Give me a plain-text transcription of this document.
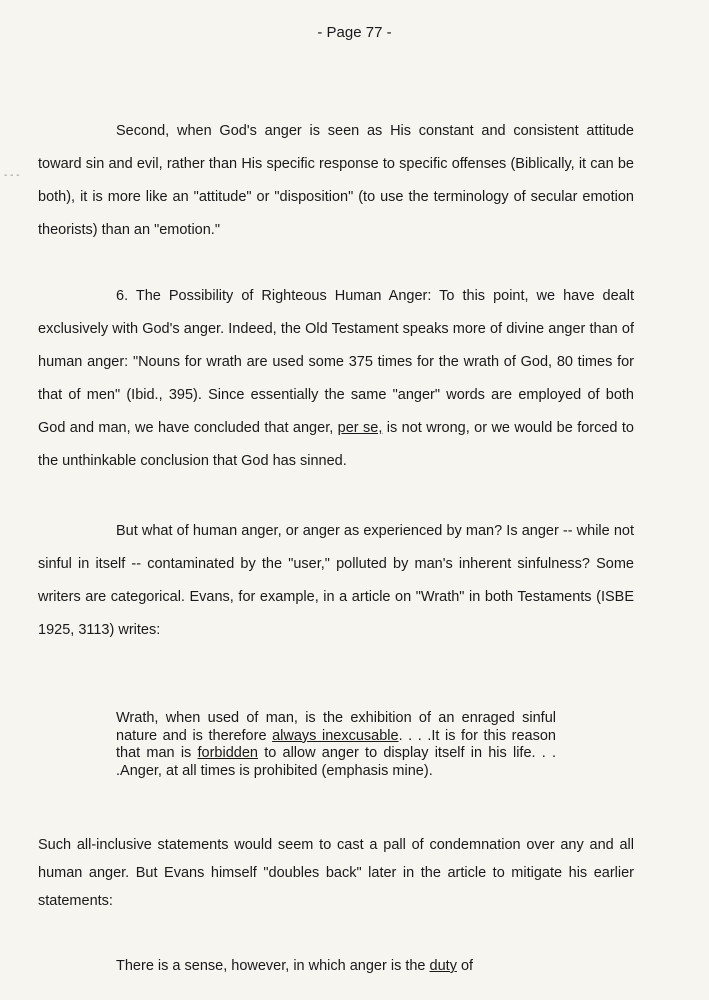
- Page 77 -
- - -
Second, when God's anger is seen as His constant and consistent attitude toward sin and evil, rather than His specific response to specific offenses (Biblically, it can be both), it is more like an "attitude" or "disposition" (to use the terminology of secular emotion theorists) than an "emotion."
6. The Possibility of Righteous Human Anger: To this point, we have dealt exclusively with God's anger. Indeed, the Old Testament speaks more of divine anger than of human anger: "Nouns for wrath are used some 375 times for the wrath of God, 80 times for that of men" (Ibid., 395). Since essentially the same "anger" words are employed of both God and man, we have concluded that anger, per se, is not wrong, or we would be forced to the unthinkable conclusion that God has sinned.
But what of human anger, or anger as experienced by man? Is anger -- while not sinful in itself -- contaminated by the "user," polluted by man's inherent sinfulness? Some writers are categorical. Evans, for example, in a article on "Wrath" in both Testaments (ISBE 1925, 3113) writes:
Wrath, when used of man, is the exhibition of an enraged sinful nature and is therefore always inexcusable. . . .It is for this reason that man is forbidden to allow anger to display itself in his life. . . .Anger, at all times is prohibited (emphasis mine).
Such all-inclusive statements would seem to cast a pall of condemnation over any and all human anger. But Evans himself "doubles back" later in the article to mitigate his earlier statements:
There is a sense, however, in which anger is the duty of
